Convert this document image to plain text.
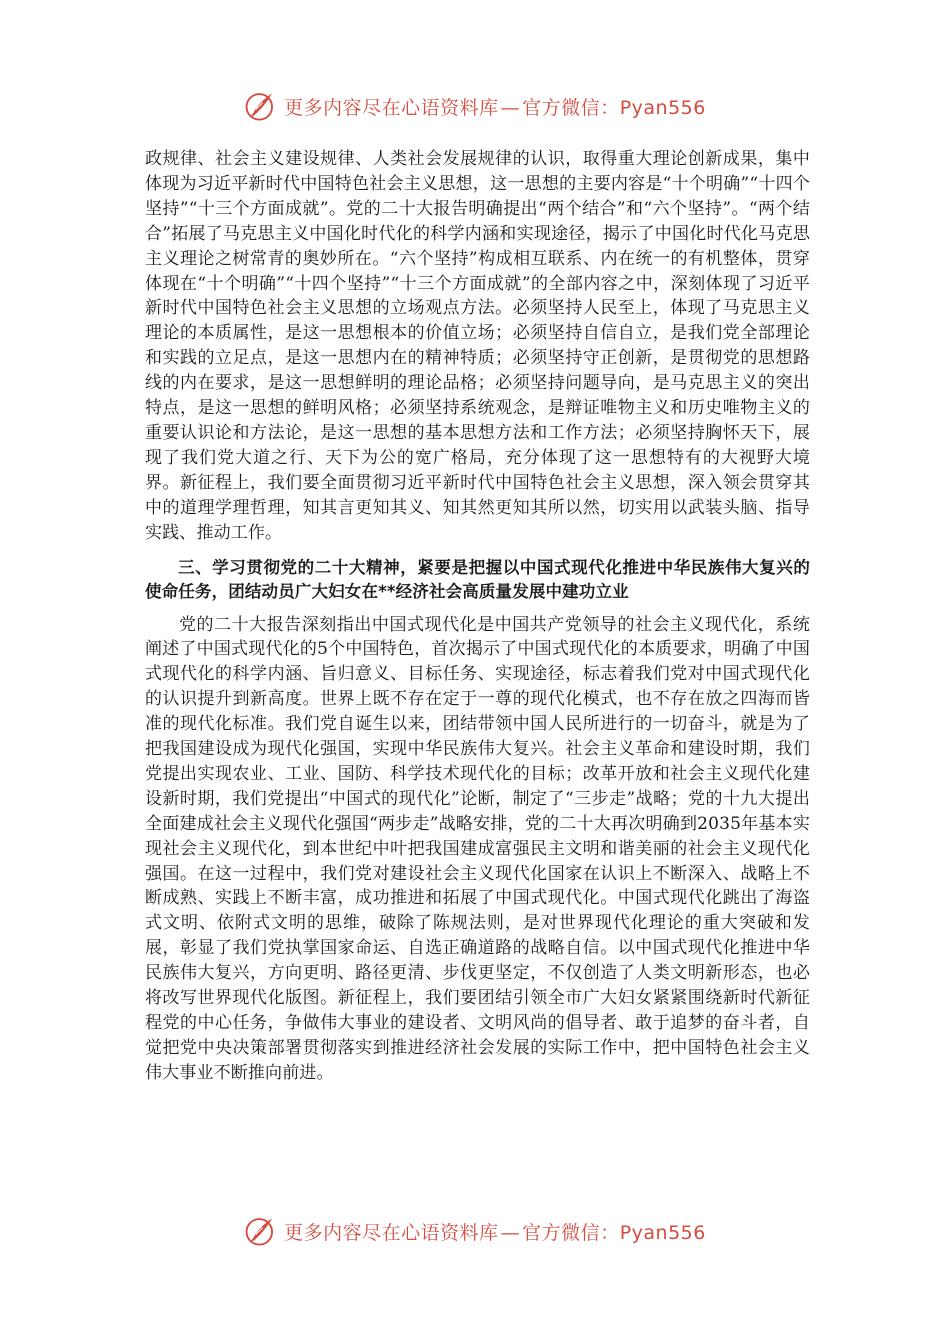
更多内容尽在心语资料库 — 官方微信：Pyan556

政规律、社会主义建设规律、人类社会发展规律的认识，取得重大理论创新成果，集中体现为习近平新时代中国特色社会主义思想，这一思想的主要内容是“十个明确”“十四个坚持”“十三个方面成就”。党的二十大报告明确提出“两个结合”和“六个坚持”。“两个结合”拓展了马克思主义中国化时代化的科学内涵和实现途径，揭示了中国化时代化马克思主义理论之树常青的奥妙所在。“六个坚持”构成相互联系、内在统一的有机整体，贯穿体现在“十个明确”“十四个坚持”“十三个方面成就”的全部内容之中，深刻体现了习近平新时代中国特色社会主义思想的立场观点方法。必须坚持人民至上，体现了马克思主义理论的本质属性，是这一思想根本的价值立场；必须坚持自信自立，是我们党全部理论和实践的立足点，是这一思想内在的精神特质；必须坚持守正创新，是贯彻党的思想路线的内在要求，是这一思想鲜明的理论品格；必须坚持问题导向，是马克思主义的突出特点，是这一思想的鲜明风格；必须坚持系统观念，是辩证唯物主义和历史唯物主义的重要认识论和方法论，是这一思想的基本思想方法和工作方法；必须坚持胸怀天下，展现了我们党大道之行、天下为公的宽广格局，充分体现了这一思想特有的大视野大境界。新征程上，我们要全面贯彻习近平新时代中国特色社会主义思想，深入领会贯穿其中的道理学理哲理，知其言更知其义、知其然更知其所以然，切实用以武装头脑、指导实践、推动工作。

三、学习贯彻党的二十大精神，紧要是把握以中国式现代化推进中华民族伟大复兴的使命任务，团结动员广大妇女在**经济社会高质量发展中建功立业

党的二十大报告深刻指出中国式现代化是中国共产党领导的社会主义现代化，系统阐述了中国式现代化的5个中国特色，首次揭示了中国式现代化的本质要求，明确了中国式现代化的科学内涵、旨归意义、目标任务、实现途径，标志着我们党对中国式现代化的认识提升到新高度。世界上既不存在定于一尊的现代化模式，也不存在放之四海而皆准的现代化标准。我们党自诞生以来，团结带领中国人民所进行的一切奋斗，就是为了把我国建设成为现代化强国，实现中华民族伟大复兴。社会主义革命和建设时期，我们党提出实现农业、工业、国防、科学技术现代化的目标；改革开放和社会主义现代化建设新时期，我们党提出“中国式的现代化”论断，制定了“三步走”战略；党的十九大提出全面建成社会主义现代化强国“两步走”战略安排，党的二十大再次明确到2035年基本实现社会主义现代化，到本世纪中叶把我国建成富强民主文明和谐美丽的社会主义现代化强国。在这一过程中，我们党对建设社会主义现代化国家在认识上不断深入、战略上不断成熟、实践上不断丰富，成功推进和拓展了中国式现代化。中国式现代化跳出了海盗式文明、依附式文明的思维，破除了陈规法则，是对世界现代化理论的重大突破和发展，彰显了我们党执掌国家命运、自选正确道路的战略自信。以中国式现代化推进中华民族伟大复兴，方向更明、路径更清、步伐更坚定，不仅创造了人类文明新形态，也必将改写世界现代化版图。新征程上，我们要团结引领全市广大妇女紧紧围绕新时代新征程党的中心任务，争做伟大事业的建设者、文明风尚的倡导者、敢于追梦的奋斗者，自觉把党中央决策部署贯彻落实到推进经济社会发展的实际工作中，把中国特色社会主义伟大事业不断推向前进。

更多内容尽在心语资料库 — 官方微信：Pyan556
